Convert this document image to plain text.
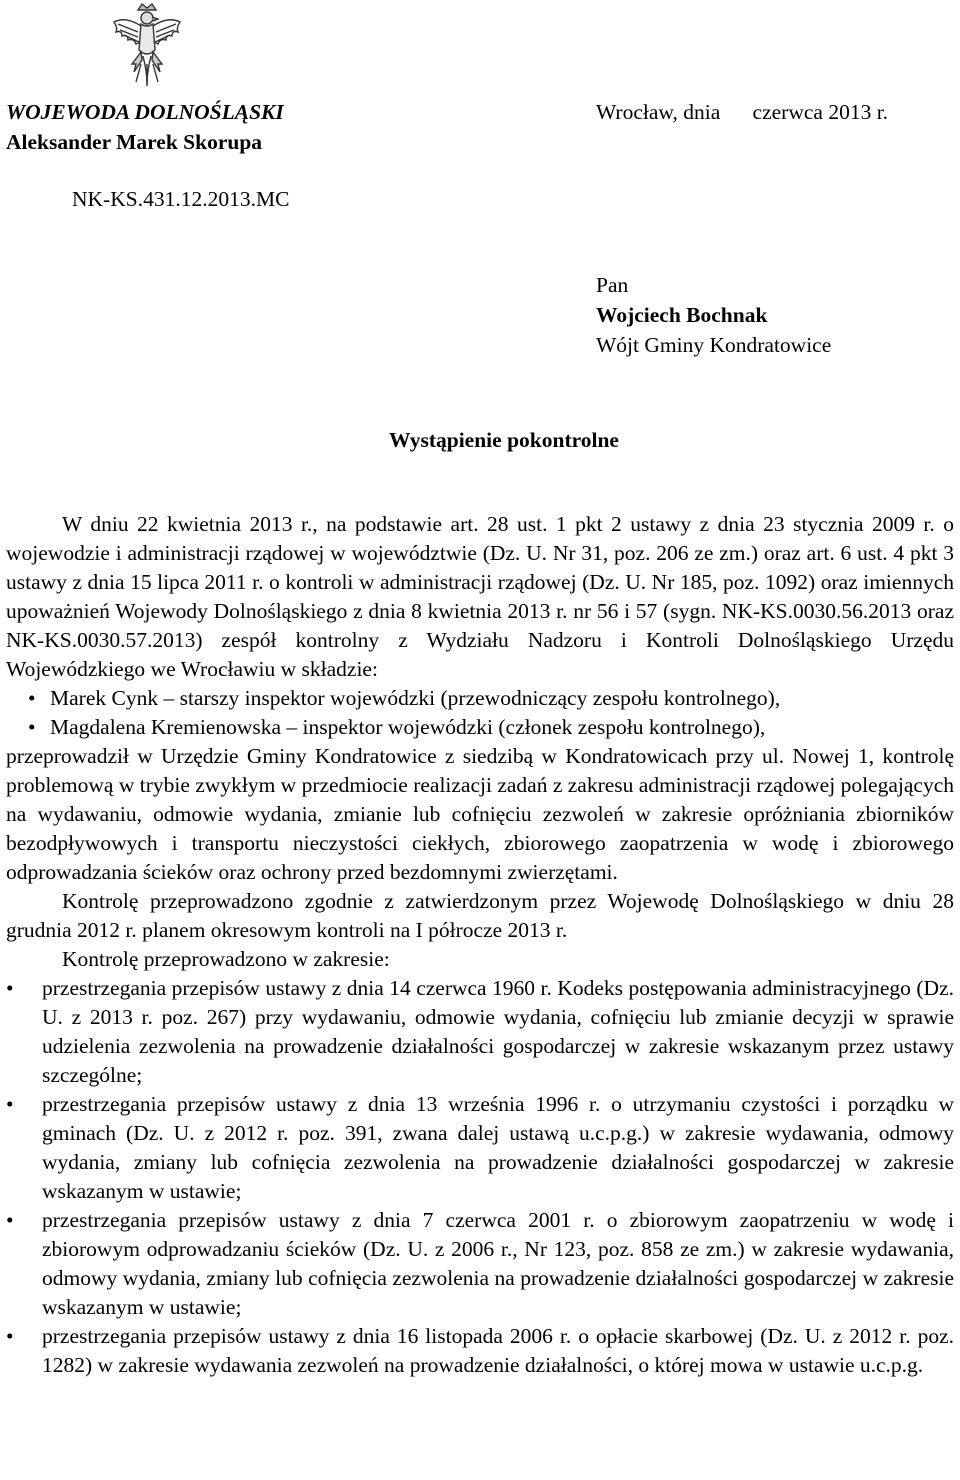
WOJEWODA DOLNOŚLĄSKI
Aleksander Marek Skorupa
Wrocław, dnia      czerwca 2013 r.
NK-KS.431.12.2013.MC
Pan
Wojciech Bochnak
Wójt Gminy Kondratowice
Wystąpienie pokontrolne

W dniu 22 kwietnia 2013 r., na podstawie art. 28 ust. 1 pkt 2 ustawy z dnia 23 stycznia 2009 r. o wojewodzie i administracji rządowej w województwie (Dz. U. Nr 31, poz. 206 ze zm.) oraz art. 6 ust. 4 pkt 3 ustawy z dnia 15 lipca 2011 r. o kontroli w administracji rządowej (Dz. U. Nr 185, poz. 1092) oraz imiennych upoważnień Wojewody Dolnośląskiego z dnia 8 kwietnia 2013 r. nr 56 i 57 (sygn. NK-KS.0030.56.2013 oraz NK-KS.0030.57.2013) zespół kontrolny z Wydziału Nadzoru i Kontroli Dolnośląskiego Urzędu Wojewódzkiego we Wrocławiu w składzie:

• Marek Cynk – starszy inspektor wojewódzki (przewodniczący zespołu kontrolnego),
• Magdalena Kremienowska – inspektor wojewódzki (członek zespołu kontrolnego),

przeprowadził w Urzędzie Gminy Kondratowice z siedzibą w Kondratowicach przy ul. Nowej 1, kontrolę problemową w trybie zwykłym w przedmiocie realizacji zadań z zakresu administracji rządowej polegających na wydawaniu, odmowie wydania, zmianie lub cofnięciu zezwoleń w zakresie opróżniania zbiorników bezodpływowych i transportu nieczystości ciekłych, zbiorowego zaopatrzenia w wodę i zbiorowego odprowadzania ścieków oraz ochrony przed bezdomnymi zwierzętami.

Kontrolę przeprowadzono zgodnie z zatwierdzonym przez Wojewodę Dolnośląskiego w dniu 28 grudnia 2012 r. planem okresowym kontroli na I półrocze 2013 r.

Kontrolę przeprowadzono w zakresie:

• przestrzegania przepisów ustawy z dnia 14 czerwca 1960 r. Kodeks postępowania administracyjnego (Dz. U. z 2013 r. poz. 267) przy wydawaniu, odmowie wydania, cofnięciu lub zmianie decyzji w sprawie udzielenia zezwolenia na prowadzenie działalności gospodarczej w zakresie wskazanym przez ustawy szczególne;
• przestrzegania przepisów ustawy z dnia 13 września 1996 r. o utrzymaniu czystości i porządku w gminach (Dz. U. z 2012 r. poz. 391, zwana dalej ustawą u.c.p.g.) w zakresie wydawania, odmowy wydania, zmiany lub cofnięcia zezwolenia na prowadzenie działalności gospodarczej w zakresie wskazanym w ustawie;
• przestrzegania przepisów ustawy z dnia 7 czerwca 2001 r. o zbiorowym zaopatrzeniu w wodę i zbiorowym odprowadzaniu ścieków (Dz. U. z 2006 r., Nr 123, poz. 858 ze zm.) w zakresie wydawania, odmowy wydania, zmiany lub cofnięcia zezwolenia na prowadzenie działalności gospodarczej w zakresie wskazanym w ustawie;
• przestrzegania przepisów ustawy z dnia 16 listopada 2006 r. o opłacie skarbowej (Dz. U. z 2012 r. poz. 1282) w zakresie wydawania zezwoleń na prowadzenie działalności, o której mowa w ustawie u.c.p.g.
